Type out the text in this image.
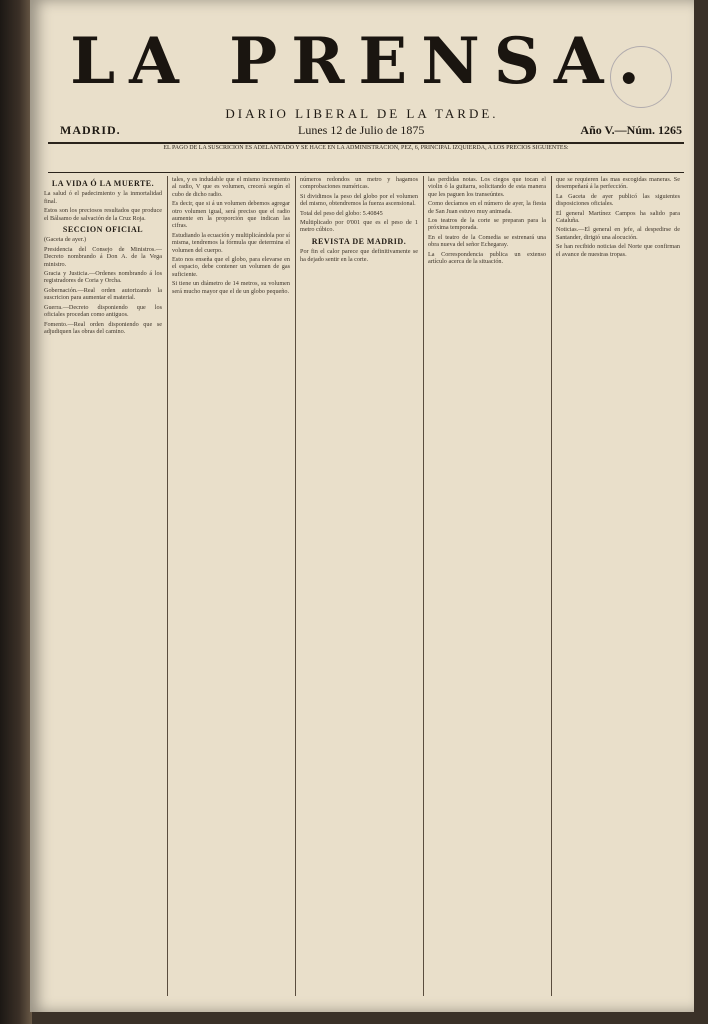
LA PRENSA.
DIARIO LIBERAL DE LA TARDE.
MADRID.	Lunes 12 de Julio de 1875	Año V.—Núm. 1265
EL PAGO DE LA SUSCRICION ES ADELANTADO Y SE HACE EN LA ADMINISTRACION, PEZ, 6, PRINCIPAL IZQUIERDA, A LOS PRECIOS SIGUIENTES:
LA VIDA Ó LA MUERTE.

La salud ó el padecimiento y la inmortalidad final.

Estos son los preciosos resultados que produce el Bálsamo de salvación de la Cruz Roja.

SECCION OFICIAL

(Gaceta de ayer.)

Presidencia del Consejo de Ministros.—Decreto nombrando á Don A. de la Vega ministro.

Gracia y Justicia.—Ordenes nombrando á los registradores de Coria y Orcha.

Gobernación.—Real orden autorizando la suscricion para aumentar el material.

Guerra.—Decreto disponiendo que los oficiales procedan como antiguos.

Fomento.—Real orden disponiendo que se adjudiquen las obras del camino.

tales, y es indudable que el mismo incremento al radio, V que es volumen, crecerá según el cubo de dicho radio.

Es decir, que si á un volumen debemos agregar otro volumen igual, será preciso que el radio aumente en la proporción que indican las cifras.

Estudiando la ecuación y multiplicándola por sí misma, tendremos la fórmula que determina el volumen del cuerpo.

Esto nos enseña que el globo, para elevarse en el espacio, debe contener un volumen de gas suficiente.

Si tiene un diámetro de 14 metros, su volumen será mucho mayor que el de un globo pequeño.

números redondos un metro y hagamos comprobaciones numéricas.

Si dividimos la peso del globo por el volumen del mismo, obtendremos la fuerza ascensional.

Total del peso del globo: 5.40845

Multiplicado por 0'001 que es el peso de 1 metro cúbico.

REVISTA DE MADRID.

Por fin el calor parece que definitivamente se ha dejado sentir en la corte.

las perdidas notas. Los ciegos que tocan el violin ó la guitarra, solicitando de esta manera que les paguen los transeúntes.

Como decíamos en el número de ayer, la fiesta de San Juan estuvo muy animada.

Los teatros de la corte se preparan para la próxima temporada.

En el teatro de la Comedia se estrenará una obra nueva del señor Echegaray.

La Correspondencia publica un extenso artículo acerca de la situación.

que se requieren las mas escogidas maneras. Se desempeñará á la perfección.

La Gaceta de ayer publicó las siguientes disposiciones oficiales.

El general Martínez Campos ha salido para Cataluña.

Noticias.—El general en jefe, al despedirse de Santander, dirigió una alocución.

Se han recibido noticias del Norte que confirman el avance de nuestras tropas.
